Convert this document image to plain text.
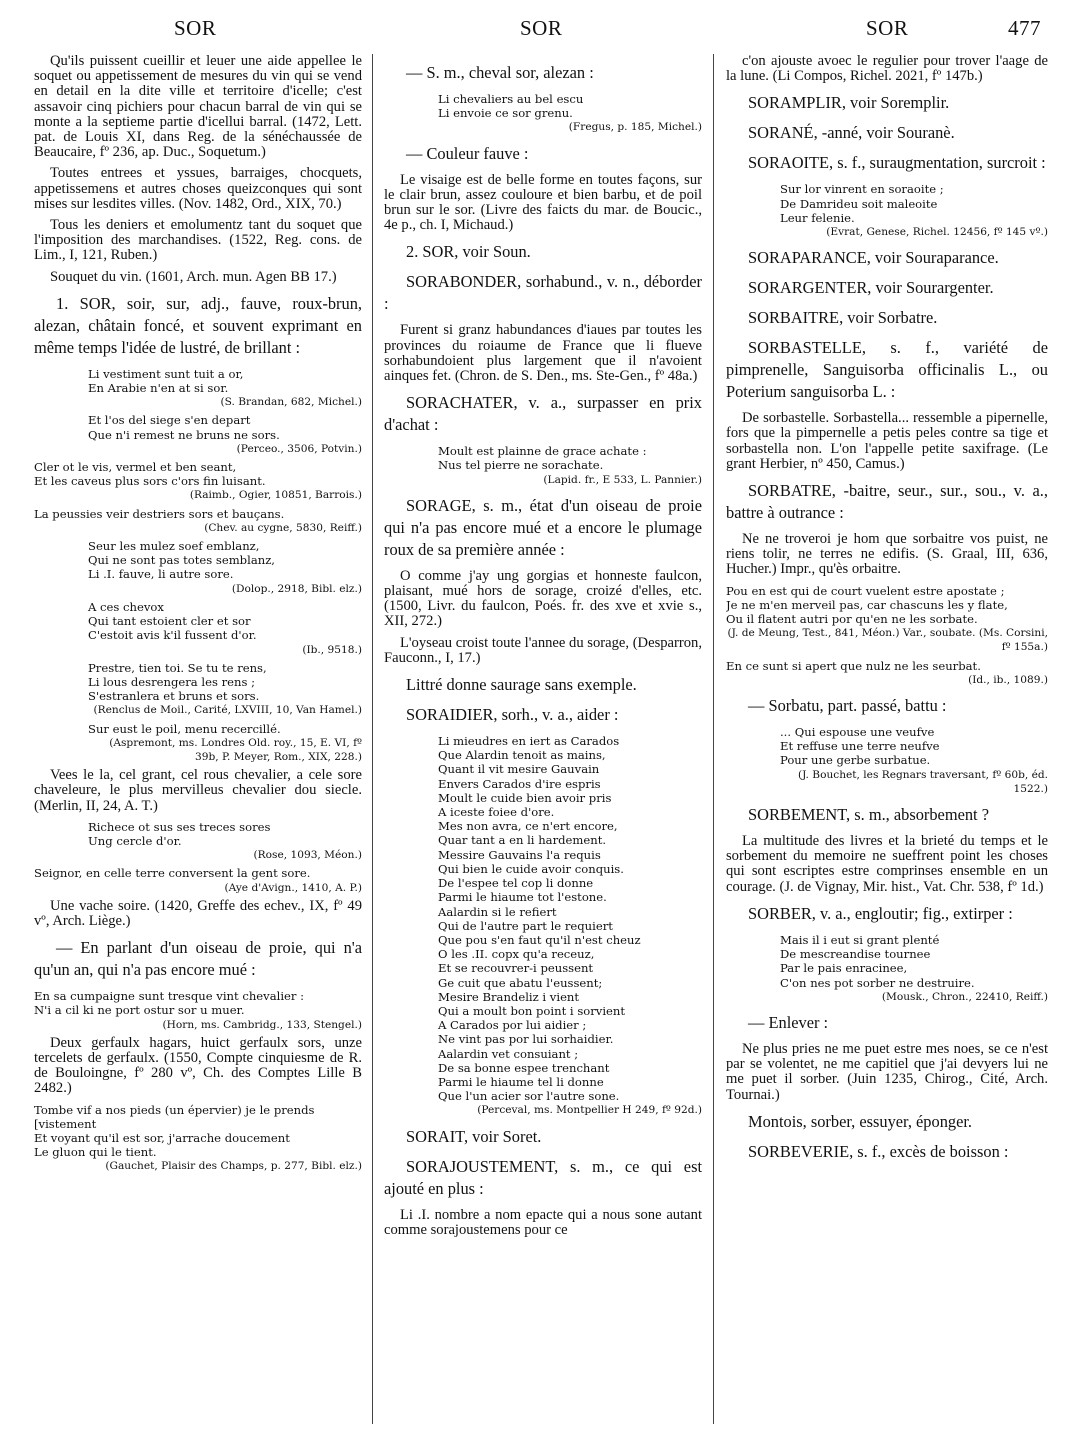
SOR	SOR	SOR	477
Qu'ils puissent cueillir et leuer une aide appellee le soquet ou appetissement de mesures du vin qui se vend en detail en la dite ville et territoire d'icelle; c'est assavoir cinq pichiers pour chacun barral de vin qui se monte a la septieme partie d'icellui barral. (1472, Lett. pat. de Louis XI, dans Reg. de la sénéchaussée de Beaucaire, fº 236, ap. Duc., Soquetum.)
Toutes entrees et yssues, barraiges, chocquets, appetissemens et autres choses queizconques qui sont mises sur lesdites villes. (Nov. 1482, Ord., XIX, 70.)
Tous les deniers et emolumentz tant du soquet que l'imposition des marchandises. (1522, Reg. cons. de Lim., I, 121, Ruben.)
Souquet du vin. (1601, Arch. mun. Agen BB 17.)
1. SOR, soir, sur, adj., fauve, roux-brun, alezan, châtain foncé, et souvent exprimant en même temps l'idée de lustré, de brillant :
Li vestiment sunt tuit a or,
En Arabie n'en at si sor.
(S. Brandan, 682, Michel.)
Et l'os del siege s'en depart
Que n'i remest ne bruns ne sors.
(Perceo., 3506, Potvin.)
Cler ot le vis, vermel et ben seant,
Et les caveus plus sors c'ors fin luisant.
(Raimb., Ogier, 10851, Barrois.)
La peussies veir destriers sors et bauçans.
(Chev. au cygne, 5830, Reiff.)
Seur les mulez soef emblanz,
Qui ne sont pas totes semblanz,
Li .I. fauve, li autre sore.
(Dolop., 2918, Bibl. elz.)
A ces chevox
Qui tant estoient cler et sor
C'estoit avis k'il fussent d'or.
(Ib., 9518.)
Prestre, tien toi. Se tu te rens,
Li lous desrengera les rens ;
S'estranlera et bruns et sors.
(Renclus de Moil., Carité, LXVIII, 10, Van Hamel.)
Sur eust le poil, menu recercillé.
(Aspremont, ms. Londres Old. roy., 15, E. VI, fº 39b, P. Meyer, Rom., XIX, 228.)
Vees le la, cel grant, cel rous chevalier, a cele sore chaveleure, le plus mervilleus chevalier dou siecle. (Merlin, II, 24, A. T.)
Richece ot sus ses treces sores
Ung cercle d'or.
(Rose, 1093, Méon.)
Seignor, en celle terre conversent la gent sore.
(Aye d'Avign., 1410, A. P.)
Une vache soire. (1420, Greffe des echev., IX, fº 49 vº, Arch. Liège.)
— En parlant d'un oiseau de proie, qui n'a qu'un an, qui n'a pas encore mué :
En sa cumpaigne sunt tresque vint chevalier :
N'i a cil ki ne port ostur sor u muer.
(Horn, ms. Cambridg., 133, Stengel.)
Deux gerfaulx hagars, huict gerfaulx sors, unze tercelets de gerfaulx. (1550, Compte cinquiesme de R. de Bouloingne, fº 280 vº, Ch. des Comptes Lille B 2482.)
Tombe vif a nos pieds (un épervier) je le prends [vistement
Et voyant qu'il est sor, j'arrache doucement
Le gluon qui le tient.
(Gauchet, Plaisir des Champs, p. 277, Bibl. elz.)
— S. m., cheval sor, alezan :
Li chevaliers au bel escu
Li envoie ce sor grenu.
(Fregus, p. 185, Michel.)
— Couleur fauve :
Le visaige est de belle forme en toutes façons, sur le clair brun, assez couloure et bien barbu, et de poil brun sur le sor. (Livre des faicts du mar. de Boucic., 4e p., ch. I, Michaud.)
2. SOR, voir Soun.
SORABONDER, sorhabund., v. n., déborder :
Furent si granz habundances d'iaues par toutes les provinces du roiaume de France que li flueve sorhabundoient plus largement que il n'avoient ainques fet. (Chron. de S. Den., ms. Ste-Gen., fº 48a.)
SORACHATER, v. a., surpasser en prix d'achat :
Moult est plainne de grace achate :
Nus tel pierre ne sorachate.
(Lapid. fr., E 533, L. Pannier.)
SORAGE, s. m., état d'un oiseau de proie qui n'a pas encore mué et a encore le plumage roux de sa première année :
O comme j'ay ung gorgias et honneste faulcon, plaisant, mué hors de sorage, croizé d'elles, etc. (1500, Livr. du faulcon, Poés. fr. des xve et xvie s., XII, 272.)
L'oyseau croist toute l'annee du sorage, (Desparron, Fauconn., I, 17.)
Littré donne saurage sans exemple.
SORAIDIER, sorh., v. a., aider :
Li mieudres en iert as Carados
Que Alardin tenoit as mains,
Quant il vit mesire Gauvain
Envers Carados d'ire espris
Moult le cuide bien avoir pris
A iceste foiee d'ore.
Mes non avra, ce n'ert encore,
Quar tant a en li hardement.
Messire Gauvains l'a requis
Qui bien le cuide avoir conquis.
De l'espee tel cop li donne
Parmi le hiaume tot l'estone.
Aalardin si le refiert
Qui de l'autre part le requiert
Que pou s'en faut qu'il n'est cheuz
O les .II. copx qu'a receuz,
Et se recouvrer-i peussent
Ge cuit que abatu l'eussent;
Mesire Brandeliz i vient
Qui a moult bon point i sorvient
A Carados por lui aidier ;
Ne vint pas por lui sorhaidier.
Aalardin vet consuiant ;
De sa bonne espee trenchant
Parmi le hiaume tel li donne
Que l'un acier sor l'autre sone.
(Perceval, ms. Montpellier H 249, fº 92d.)
SORAIT, voir Soret.
SORAJOUSTEMENT, s. m., ce qui est ajouté en plus :
Li .I. nombre a nom epacte qui a nous sone autant comme sorajoustemens pour ce
c'on ajouste avoec le regulier pour trover l'aage de la lune. (Li Compos, Richel. 2021, fº 147b.)
SORAMPLIR, voir Soremplir.
SORANÉ, -anné, voir Souranè.
SORAOITE, s. f., suraugmentation, surcroit :
Sur lor vinrent en soraoite ;
De Damrideu soit maleoite
Leur felenie.
(Evrat, Genese, Richel. 12456, fº 145 vº.)
SORAPARANCE, voir Souraparance.
SORARGENTER, voir Sourargenter.
SORBAITRE, voir Sorbatre.
SORBASTELLE, s. f., variété de pimprenelle, Sanguisorba officinalis L., ou Poterium sanguisorba L. :
De sorbastelle. Sorbastella... ressemble a pipernelle, fors que la pimpernelle a petis peles contre sa tige et sorbastella non. L'on l'appelle petite saxifrage. (Le grant Herbier, nº 450, Camus.)
SORBATRE, -baitre, seur., sur., sou., v. a., battre à outrance :
Ne ne troveroi je hom que sorbaitre vos puist, ne riens tolir, ne terres ne edifis. (S. Graal, III, 636, Hucher.) Impr., qu'ès orbaitre.
Pou en est qui de court vuelent estre apostate ;
Je ne m'en merveil pas, car chascuns les y flate,
Ou il flatent autri por qu'en ne les sorbate.
(J. de Meung, Test., 841, Méon.) Var., soubate. (Ms. Corsini, fº 155a.)
En ce sunt si apert que nulz ne les seurbat.
(Id., ib., 1089.)
— Sorbatu, part. passé, battu :
... Qui espouse une veufve
Et reffuse une terre neufve
Pour une gerbe surbatue.
(J. Bouchet, les Regnars traversant, fº 60b, éd. 1522.)
SORBEMENT, s. m., absorbement ?
La multitude des livres et la brieté du temps et le sorbement du memoire ne sueffrent point les choses qui sont escriptes estre comprinses ensemble en un courage. (J. de Vignay, Mir. hist., Vat. Chr. 538, fº 1d.)
SORBER, v. a., engloutir; fig., extirper :
Mais il i eut si grant plenté
De mescreandise tournee
Par le pais enracinee,
C'on nes pot sorber ne destruire.
(Mousk., Chron., 22410, Reiff.)
— Enlever :
Ne plus pries ne me puet estre mes noes, se ce n'est par se volentet, ne me capitiel que j'ai devyers lui ne me puet il sorber. (Juin 1235, Chirog., Cité, Arch. Tournai.)
Montois, sorber, essuyer, éponger.
SORBEVERIE, s. f., excès de boisson :
